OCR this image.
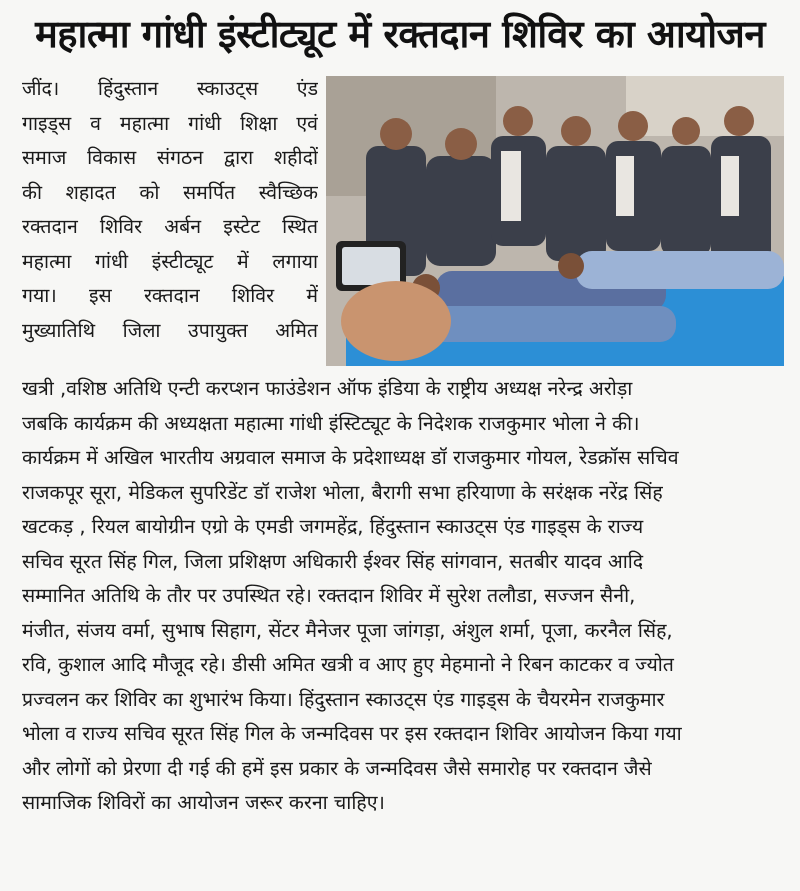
महात्मा गांधी इंस्टीट्यूट में रक्तदान शिविर का आयोजन
जींद। हिंदुस्तान स्काउट्स एंड
गाइड्स व महात्मा गांधी शिक्षा एवं
समाज विकास संगठन द्वारा शहीदों
की शहादत को समर्पित स्वैच्छिक
रक्तदान शिविर अर्बन इस्टेट स्थित
महात्मा गांधी इंस्टीट्यूट में लगाया
गया। इस रक्तदान शिविर में
मुख्यातिथि जिला उपायुक्त अमित
खत्री ,वशिष्ठ अतिथि एन्टी करप्शन फाउंडेशन ऑफ इंडिया के राष्ट्रीय अध्यक्ष नरेन्द्र अरोड़ा
जबकि कार्यक्रम की अध्यक्षता महात्मा गांधी इंस्टिट्यूट के निदेशक राजकुमार भोला ने की।
कार्यक्रम में अखिल भारतीय अग्रवाल समाज के प्रदेशाध्यक्ष डॉ राजकुमार गोयल, रेडक्रॉस सचिव
राजकपूर सूरा, मेडिकल सुपरिडेंट डॉ राजेश भोला, बैरागी सभा हरियाणा के सरंक्षक नरेंद्र सिंह
खटकड़ , रियल बायोग्रीन एग्रो के एमडी जगमहेंद्र, हिंदुस्तान स्काउट्स एंड गाइड्स के राज्य
सचिव सूरत सिंह गिल, जिला प्रशिक्षण अधिकारी ईश्वर सिंह सांगवान, सतबीर यादव आदि
सम्मानित अतिथि के तौर पर उपस्थित रहे। रक्तदान शिविर में सुरेश तलौडा, सज्जन सैनी,
मंजीत, संजय वर्मा, सुभाष सिहाग, सेंटर मैनेजर पूजा जांगड़ा, अंशुल शर्मा, पूजा, करनैल सिंह,
रवि, कुशाल आदि मौजूद रहे। डीसी अमित खत्री व आए हुए मेहमानो ने रिबन काटकर व ज्योत
प्रज्वलन कर शिविर का शुभारंभ किया। हिंदुस्तान स्काउट्स एंड गाइड्स के चैयरमेन राजकुमार
भोला व राज्य सचिव सूरत सिंह गिल के जन्मदिवस पर इस रक्तदान शिविर आयोजन किया गया
और लोगों को प्रेरणा दी गई की हमें इस प्रकार के जन्मदिवस जैसे समारोह पर रक्तदान जैसे
सामाजिक शिविरों का आयोजन जरूर करना चाहिए।
